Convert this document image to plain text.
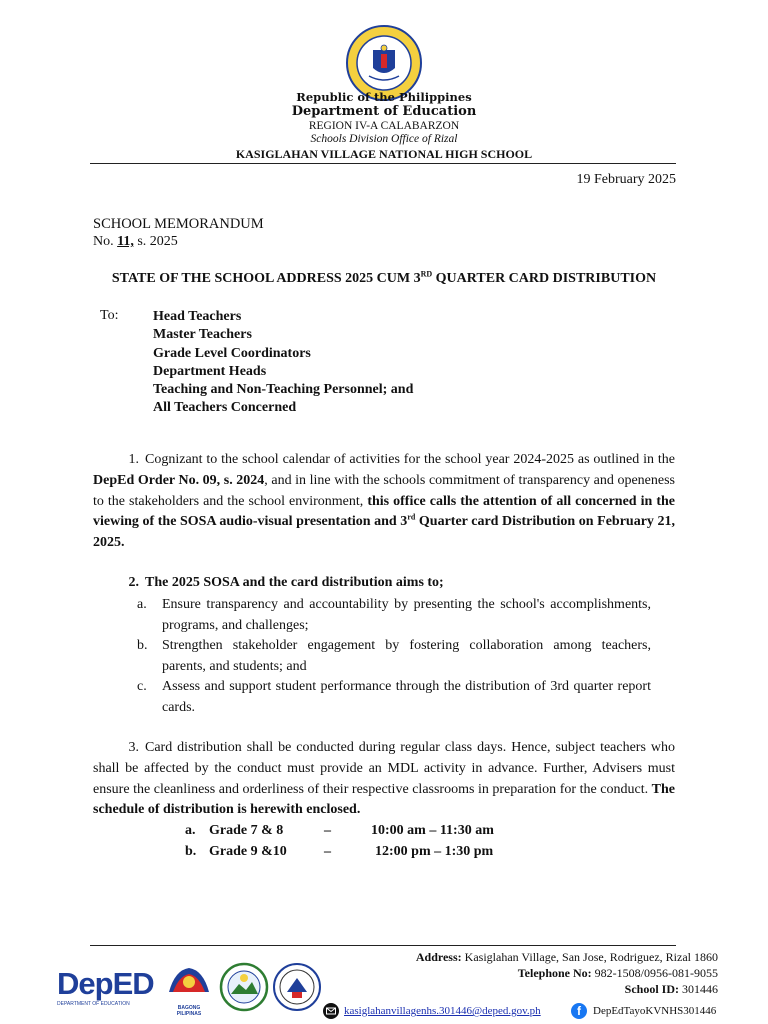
Republic of the Philippines
Department of Education
REGION IV-A CALABARZON
Schools Division Office of Rizal
KASIGLAHAN VILLAGE NATIONAL HIGH SCHOOL
19 February 2025
SCHOOL MEMORANDUM
No. 11, s. 2025
STATE OF THE SCHOOL ADDRESS 2025 CUM 3RD QUARTER CARD DISTRIBUTION
To: Head Teachers
Master Teachers
Grade Level Coordinators
Department Heads
Teaching and Non-Teaching Personnel; and
All Teachers Concerned
1. Cognizant to the school calendar of activities for the school year 2024-2025 as outlined in the DepEd Order No. 09, s. 2024, and in line with the schools commitment of transparency and openeness to the stakeholders and the school environment, this office calls the attention of all concerned in the viewing of the SOSA audio-visual presentation and 3rd Quarter card Distribution on February 21, 2025.
2. The 2025 SOSA and the card distribution aims to;
a.	Ensure transparency and accountability by presenting the school's accomplishments, programs, and challenges;
b.	Strengthen stakeholder engagement by fostering collaboration among teachers, parents, and students; and
c.	Assess and support student performance through the distribution of 3rd quarter report cards.
3. Card distribution shall be conducted during regular class days. Hence, subject teachers who shall be affected by the conduct must provide an MDL activity in advance. Further, Advisers must ensure the cleanliness and orderliness of their respective classrooms in preparation for the conduct. The schedule of distribution is herewith enclosed.
a. Grade 7 & 8	–	10:00 am – 11:30 am
b. Grade 9 &10	–	12:00 pm – 1:30 pm
DepED
DEPARTMENT OF EDUCATION
BAGONG PILIPINAS
Address: Kasiglahan Village, San Jose, Rodriguez, Rizal 1860
Telephone No: 982-1508/0956-081-9055
School ID: 301446
kasiglahanvillagenhs.301446@deped.gov.ph	f	DepEdTayoKVNHS301446
